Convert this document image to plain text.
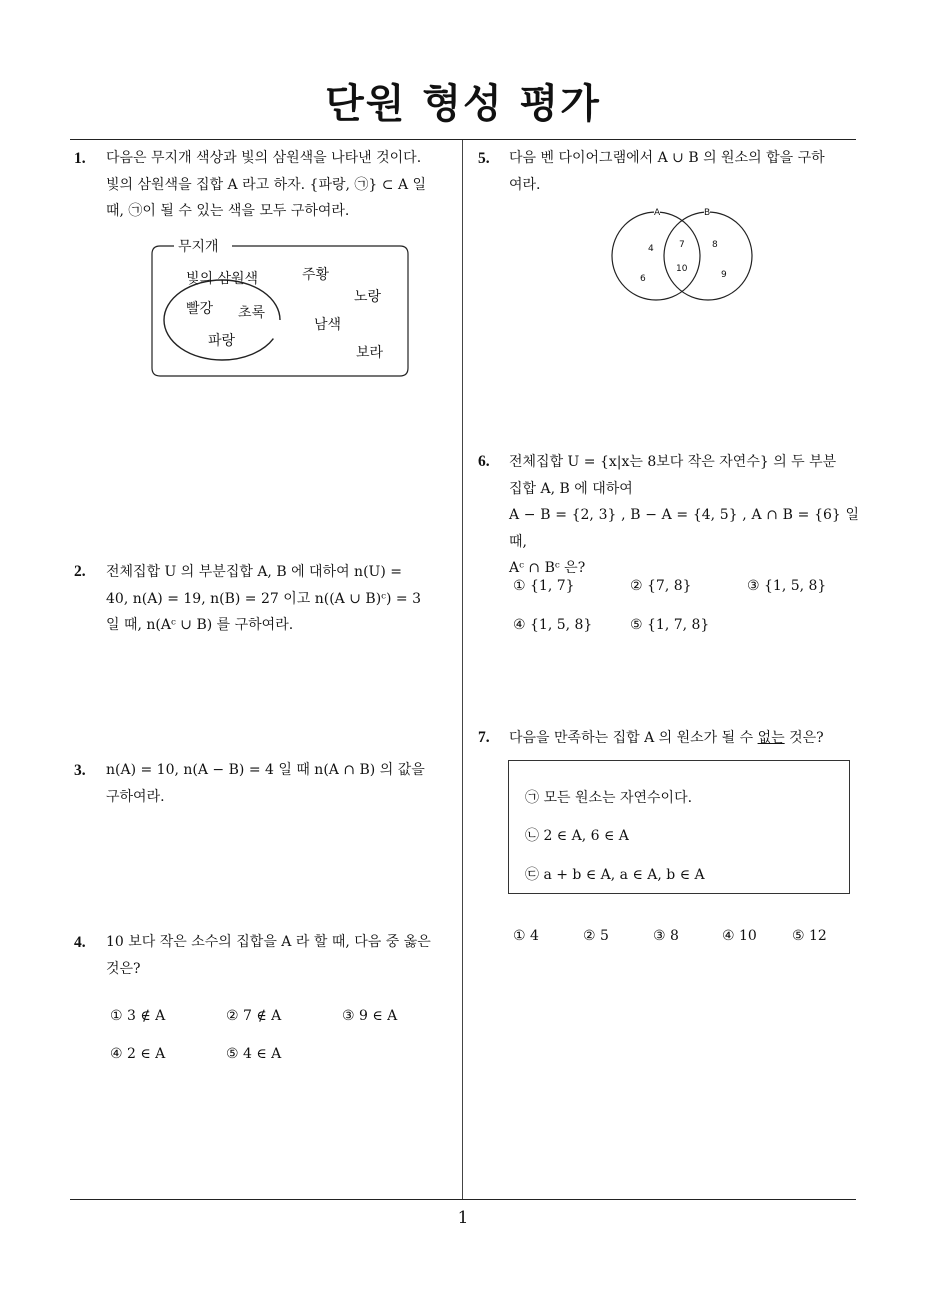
단원 형성 평가
1. 다음은 무지개 색상과 빛의 삼원색을 나타낸 것이다.
빛의 삼원색을 집합 A 라고 하자. {파랑, ㉠} ⊂ A 일
때, ㉠이 될 수 있는 색을 모두 구하여라.
무지개
빛의 삼원색
빨강 초록
파랑
주황
노랑
남색
보라
2. 전체집합 U 의 부분집합 A, B 에 대하여 n(U) =
40, n(A) = 19, n(B) = 27 이고 n((A ∪ B)ᶜ) = 3
일 때, n(Aᶜ ∪ B) 를 구하여라.
3. n(A) = 10, n(A − B) = 4 일 때 n(A ∩ B) 의 값을
구하여라.
4. 10 보다 작은 소수의 집합을 A 라 할 때, 다음 중 옳은
것은?
① 3 ∉ A	② 7 ∉ A	③ 9 ∈ A
④ 2 ∈ A	⑤ 4 ∈ A
5. 다음 벤 다이어그램에서 A ∪ B 의 원소의 합을 구하
여라.
A	B
4
6
7
10
8
9
6. 전체집합 U = {x|x는 8보다 작은 자연수} 의 두 부분
집합 A, B 에 대하여
A − B = {2, 3} , B − A = {4, 5} , A ∩ B = {6} 일 때,
Aᶜ ∩ Bᶜ 은?
① {1, 7}	② {7, 8}	③ {1, 5, 8}
④ {1, 5, 8}	⑤ {1, 7, 8}
7. 다음을 만족하는 집합 A 의 원소가 될 수 없는 것은?
㉠ 모든 원소는 자연수이다.
㉡ 2 ∈ A, 6 ∈ A
㉢ a + b ∈ A, a ∈ A, b ∈ A
① 4	② 5	③ 8	④ 10	⑤ 12
1
